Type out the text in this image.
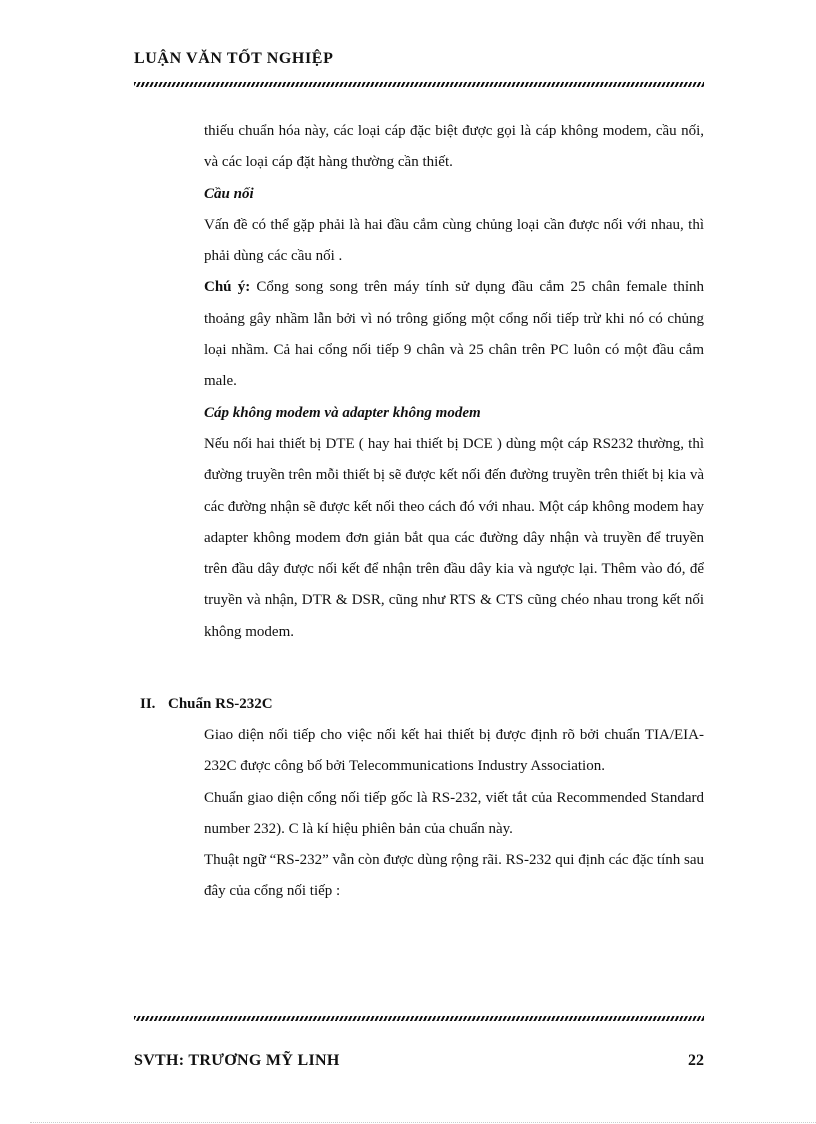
LUẬN VĂN TỐT NGHIỆP

thiếu chuẩn hóa này, các loại cáp đặc biệt được gọi là cáp không modem, cầu nối, và các loại cáp đặt hàng thường cần thiết.

Cầu nối

Vấn đề có thể gặp phải là hai đầu cắm cùng chủng loại cần được nối với nhau, thì phải dùng các cầu nối .

Chú ý: Cổng song song trên máy tính sử dụng đầu cắm 25 chân female thỉnh thoảng gây nhầm lẫn bởi vì nó trông giống một cổng nối tiếp trừ khi nó có chủng loại nhầm. Cả hai cổng nối tiếp 9 chân và 25 chân trên PC luôn có một đầu cắm male.

Cáp không modem và adapter không modem

Nếu nối hai thiết bị DTE ( hay hai thiết bị DCE ) dùng một cáp RS232 thường, thì đường truyền trên mỗi thiết bị sẽ được kết nối đến đường truyền trên thiết bị kia và các đường nhận sẽ được kết nối theo cách đó với nhau. Một cáp không modem hay adapter không modem đơn giản bắt qua các đường dây nhận và truyền để truyền trên đầu dây được nối kết để nhận trên đầu dây kia và ngược lại. Thêm vào đó, để truyền và nhận, DTR & DSR, cũng như RTS & CTS cũng chéo nhau trong kết nối không modem.

II. Chuẩn RS-232C

Giao diện nối tiếp cho việc nối kết hai thiết bị được định rõ bởi chuẩn TIA/EIA-232C được công bố bởi Telecommunications Industry Association.

Chuẩn giao diện cổng nối tiếp gốc là RS-232, viết tắt của Recommended Standard number 232). C là kí hiệu phiên bản của chuẩn này.

Thuật ngữ “RS-232” vẫn còn được dùng rộng rãi. RS-232 qui định các đặc tính sau đây của cổng nối tiếp :

SVTH: TRƯƠNG MỸ LINH	22
